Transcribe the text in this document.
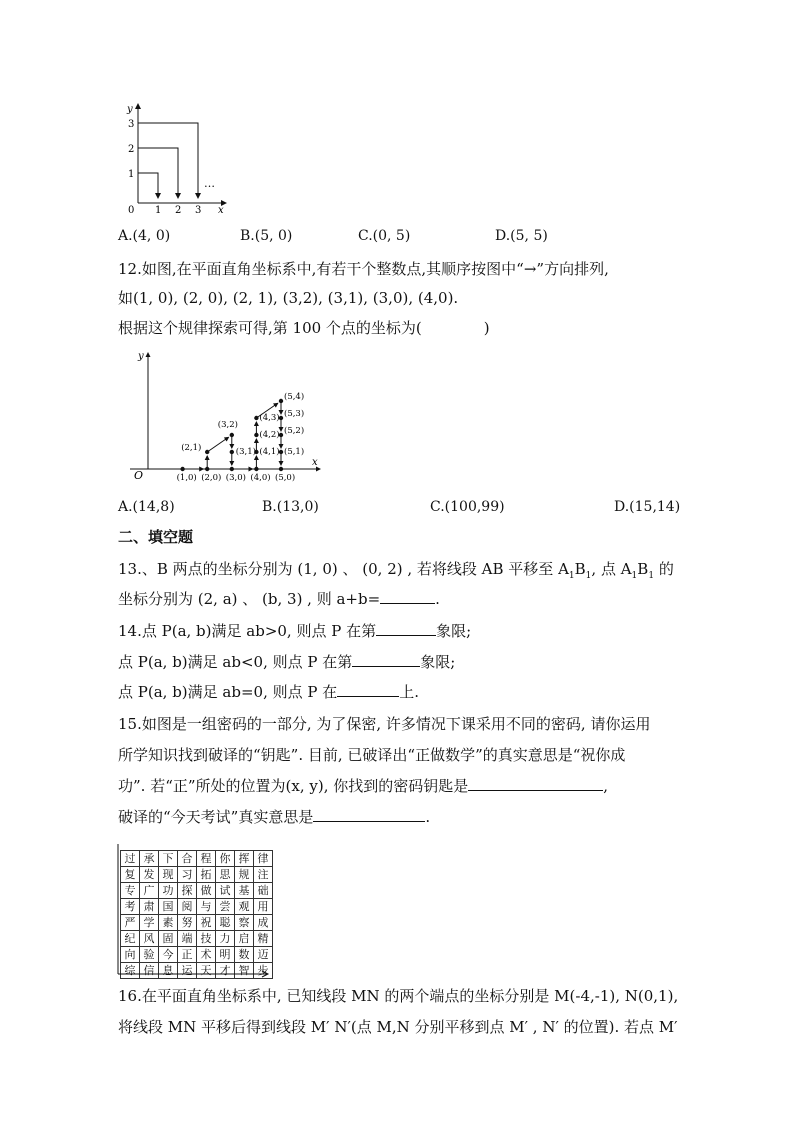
y
3
2
1
0 1 2 3 x
…
A.(4, 0)	B.(5, 0)	C.(0, 5)	D.(5, 5)
12.如图,在平面直角坐标系中,有若干个整数点,其顺序按图中“→”方向排列,
如(1, 0), (2, 0), (2, 1), (3,2), (3,1), (3,0), (4,0).
根据这个规律探索可得,第 100 个点的坐标为(	)
y
x
O	(1,0) (2,0) (3,0) (4,0) (5,0)
(2,1)
(3,2)
(3,1)
(4,3)
(4,2)
(4,1)
(5,4)
(5,3)
(5,2)
(5,1)
A.(14,8)	B.(13,0)	C.(100,99)	D.(15,14)
二、填空题
13.、B 两点的坐标分别为 (1, 0) 、 (0, 2) , 若将线段 AB 平移至 $A_1B_1$, 点 $A_1B_1$ 的
坐标分别为 (2, a) 、 (b, 3) , 则 a+b=	.
14.点 P(a, b)满足 ab>0, 则点 P 在第	象限;
点 P(a, b)满足 ab<0, 则点 P 在第	象限;
点 P(a, b)满足 ab=0, 则点 P 在	上.
15.如图是一组密码的一部分, 为了保密, 许多情况下课采用不同的密码, 请你运用
所学知识找到破译的“钥匙”. 目前, 已破译出“正做数学”的真实意思是“祝你成
功”. 若“正”所处的位置为(x, y), 你找到的密码钥匙是	,
破译的“今天考试”真实意思是	.
过	承	下	合	程	你	挥	律
复	发	现	习	拓	思	规	注
专	广	功	探	做	试	基	础
考	肃	国	阅	与	尝	观	用
严	学	素	努	祝	聪	察	成
纪	风	固	端	技	力	启	精
向	验	今	正	术	明	数	迈
综	信	息	运	天	才	智	步
16.在平面直角坐标系中, 已知线段 MN 的两个端点的坐标分别是 M(-4,-1), N(0,1),
将线段 MN 平移后得到线段 M′ N′(点 M,N 分别平移到点 M′ , N′ 的位置). 若点 M′
